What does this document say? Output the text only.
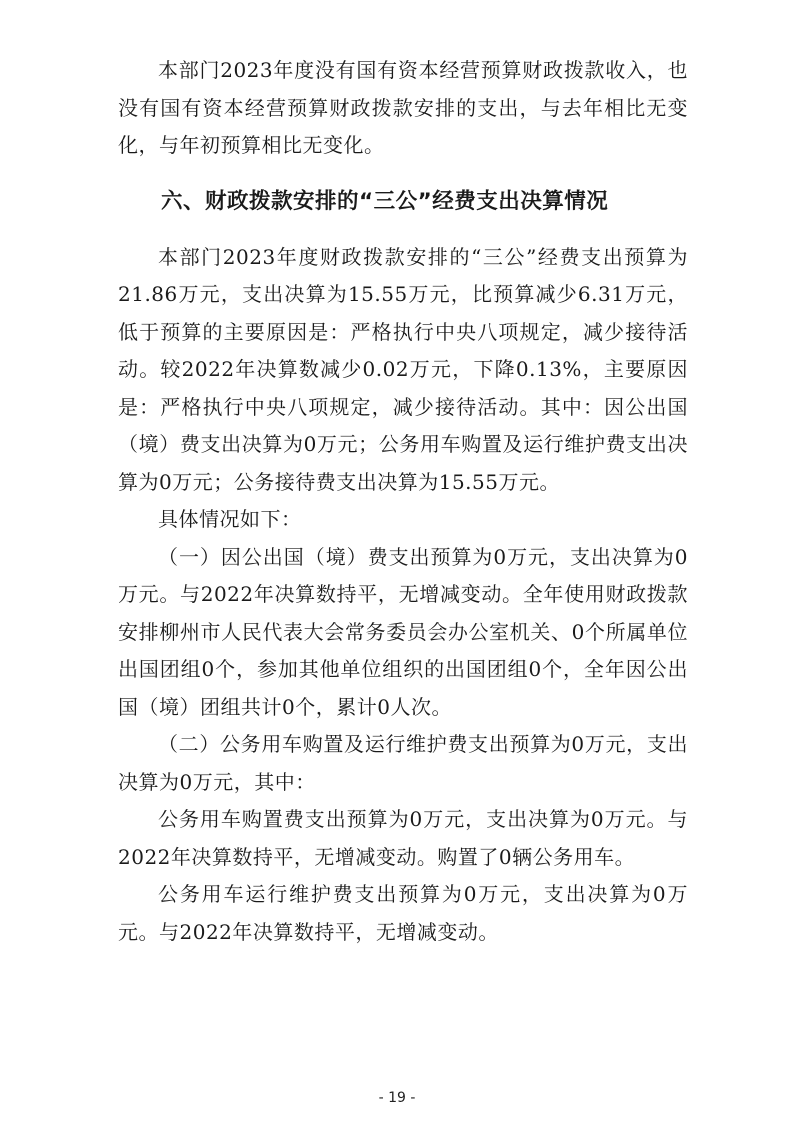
本部门2023年度没有国有资本经营预算财政拨款收入，也没有国有资本经营预算财政拨款安排的支出，与去年相比无变化，与年初预算相比无变化。

六、财政拨款安排的“三公”经费支出决算情况

本部门2023年度财政拨款安排的“三公”经费支出预算为21.86万元，支出决算为15.55万元，比预算减少6.31万元，低于预算的主要原因是：严格执行中央八项规定，减少接待活动。较2022年决算数减少0.02万元，下降0.13%，主要原因是：严格执行中央八项规定，减少接待活动。其中：因公出国（境）费支出决算为0万元；公务用车购置及运行维护费支出决算为0万元；公务接待费支出决算为15.55万元。

具体情况如下：

（一）因公出国（境）费支出预算为0万元，支出决算为0万元。与2022年决算数持平，无增减变动。全年使用财政拨款安排柳州市人民代表大会常务委员会办公室机关、0个所属单位出国团组0个，参加其他单位组织的出国团组0个，全年因公出国（境）团组共计0个，累计0人次。

（二）公务用车购置及运行维护费支出预算为0万元，支出决算为0万元，其中：

公务用车购置费支出预算为0万元，支出决算为0万元。与2022年决算数持平，无增减变动。购置了0辆公务用车。

公务用车运行维护费支出预算为0万元，支出决算为0万元。与2022年决算数持平，无增减变动。

- 19 -
